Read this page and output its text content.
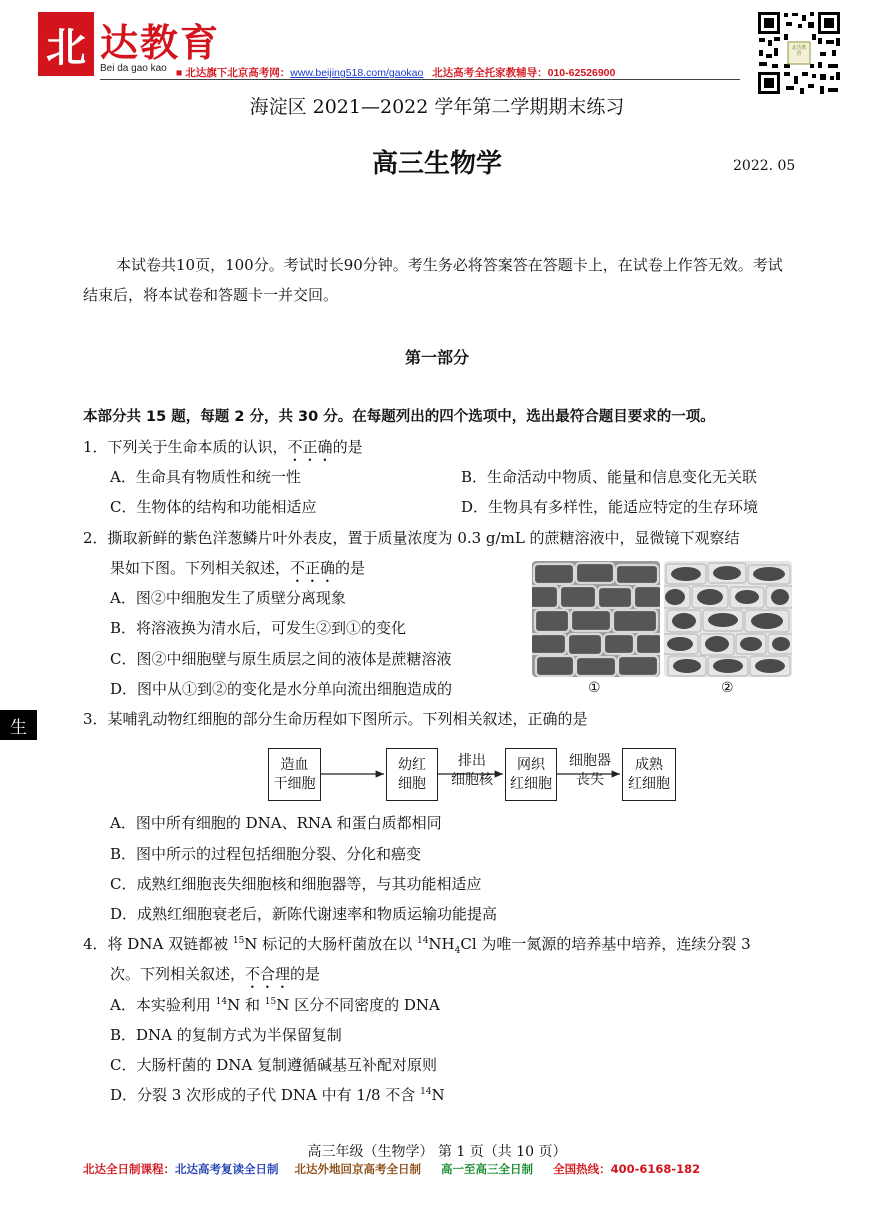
北 达教育
Bei da gao kao ■ 北达旗下北京高考网：www.beijing518.com/gaokao 北达高考全托家教辅导：010-62526900
北达教育
海淀区 2021—2022 学年第二学期期末练习
高三生物学	2022. 05
本试卷共10页，100分。考试时长90分钟。考生务必将答案答在答题卡上，在试卷上作答无效。考试结束后，将本试卷和答题卡一并交回。
第一部分
本部分共 15 题，每题 2 分，共 30 分。在每题列出的四个选项中，选出最符合题目要求的一项。
1．下列关于生命本质的认识，不正确的是
A．生命具有物质性和统一性	B．生命活动中物质、能量和信息变化无关联
C．生物体的结构和功能相适应	D．生物具有多样性，能适应特定的生存环境
2．撕取新鲜的紫色洋葱鳞片叶外表皮，置于质量浓度为 0.3 g/mL 的蔗糖溶液中，显微镜下观察结
果如下图。下列相关叙述，不正确的是
A．图②中细胞发生了质壁分离现象
B．将溶液换为清水后，可发生②到①的变化
C．图②中细胞壁与原生质层之间的液体是蔗糖溶液
D．图中从①到②的变化是水分单向流出细胞造成的	①	②
生	3．某哺乳动物红细胞的部分生命历程如下图所示。下列相关叙述，正确的是
造血
干细胞
幼红
细胞
网织
红细胞
成熟
红细胞
排出
细胞核
细胞器
丧失
A．图中所有细胞的 DNA、RNA 和蛋白质都相同
B．图中所示的过程包括细胞分裂、分化和癌变
C．成熟红细胞丧失细胞核和细胞器等，与其功能相适应
D．成熟红细胞衰老后，新陈代谢速率和物质运输功能提高
4．将 DNA 双链都被 $^{15}$N 标记的大肠杆菌放在以 $^{14}NH_4Cl$ 为唯一氮源的培养基中培养，连续分裂 3
次。下列相关叙述，不合理的是
A．本实验利用 $^{14}$N 和 $^{15}$N 区分不同密度的 DNA
B．DNA 的复制方式为半保留复制
C．大肠杆菌的 DNA 复制遵循碱基互补配对原则
D．分裂 3 次形成的子代 DNA 中有 1/8 不含 $^{14}$N
高三年级（生物学） 第 1 页（共 10 页）
北达全日制课程：北达高考复读全日制 北达外地回京高考全日制 高一至高三全日制 全国热线：400-6168-182
